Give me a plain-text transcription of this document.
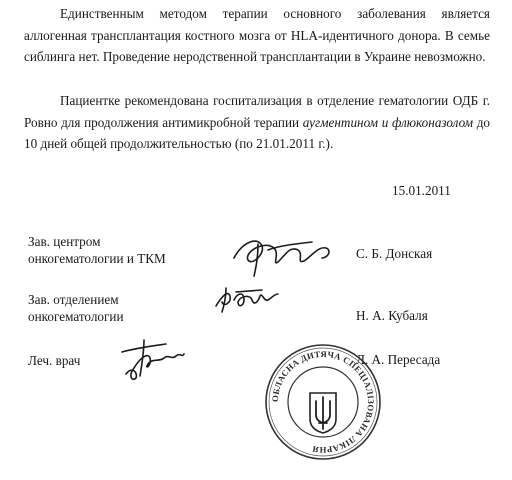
Единственным методом терапии основного заболевания является аллогенная трансплантация костного мозга от HLA-идентичного донора. В семье сиблинга нет. Проведение неродственной трансплантации в Украине невозможно.
Пациентке рекомендована госпитализация в отделение гематологии ОДБ г. Ровно для продолжения антимикробной терапии аугментином и флюконазолом до 10 дней общей продолжительностью (по 21.01.2011 г.).
15.01.2011
Зав. центром онкогематологии и ТКМ	С. Б. Донская
Зав. отделением онкогематологии	Н. А. Кубаля
Леч. врач	Л. А. Пересада
ОБЛАСНА ДИТЯЧА СПЕЦІАЛІЗОВАНА ЛІКАРНЯ
